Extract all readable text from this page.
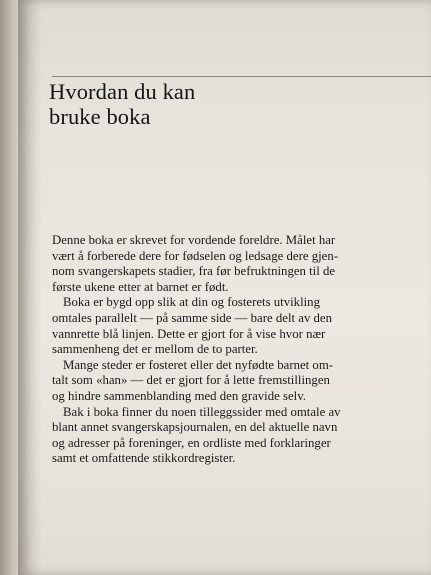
Hvordan du kan
bruke boka
Denne boka er skrevet for vordende foreldre. Målet har
vært å forberede dere for fødselen og ledsage dere gjen-
nom svangerskapets stadier, fra før befruktningen til de
første ukene etter at barnet er født.
Boka er bygd opp slik at din og fosterets utvikling
omtales parallelt — på samme side — bare delt av den
vannrette blå linjen. Dette er gjort for å vise hvor nær
sammenheng det er mellom de to parter.
Mange steder er fosteret eller det nyfødte barnet om-
talt som «han» — det er gjort for å lette fremstillingen
og hindre sammenblanding med den gravide selv.
Bak i boka finner du noen tilleggssider med omtale av
blant annet svangerskapsjournalen, en del aktuelle navn
og adresser på foreninger, en ordliste med forklaringer
samt et omfattende stikkordregister.
